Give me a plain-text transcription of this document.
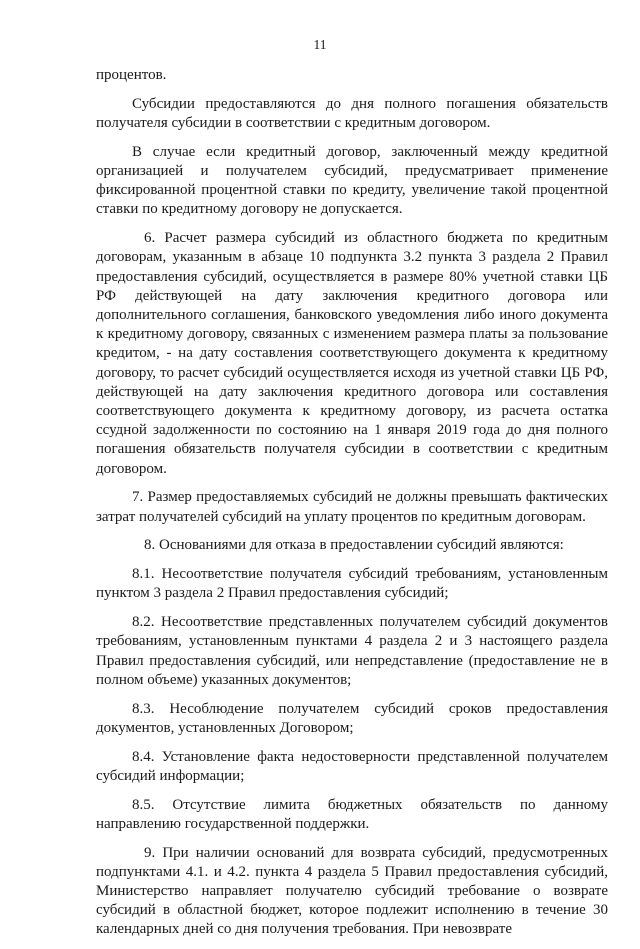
11

процентов.

Субсидии предоставляются до дня полного погашения обязательств получателя субсидии в соответствии с кредитным договором.

В случае если кредитный договор, заключенный между кредитной организацией и получателем субсидий, предусматривает применение фиксированной процентной ставки по кредиту, увеличение такой процентной ставки по кредитному договору не допускается.

6. Расчет размера субсидий из областного бюджета по кредитным договорам, указанным в абзаце 10 подпункта 3.2 пункта 3 раздела 2 Правил предоставления субсидий, осуществляется в размере 80% учетной ставки ЦБ РФ действующей на дату заключения кредитного договора или дополнительного соглашения, банковского уведомления либо иного документа к кредитному договору, связанных с изменением размера платы за пользование кредитом, - на дату составления соответствующего документа к кредитному договору, то расчет субсидий осуществляется исходя из учетной ставки ЦБ РФ, действующей на дату заключения кредитного договора или составления соответствующего документа к кредитному договору, из расчета остатка ссудной задолженности по состоянию на 1 января 2019 года до дня полного погашения обязательств получателя субсидии в соответствии с кредитным договором.

7. Размер предоставляемых субсидий не должны превышать фактических затрат получателей субсидий на уплату процентов по кредитным договорам.

8. Основаниями для отказа в предоставлении субсидий являются:

8.1. Несоответствие получателя субсидий требованиям, установленным пунктом 3 раздела 2 Правил предоставления субсидий;

8.2. Несоответствие представленных получателем субсидий документов требованиям, установленным пунктами 4 раздела 2 и 3 настоящего раздела Правил предоставления субсидий, или непредставление (предоставление не в полном объеме) указанных документов;

8.3. Несоблюдение получателем субсидий сроков предоставления документов, установленных Договором;

8.4. Установление факта недостоверности представленной получателем субсидий информации;

8.5. Отсутствие лимита бюджетных обязательств по данному направлению государственной поддержки.

9. При наличии оснований для возврата субсидий, предусмотренных подпунктами 4.1. и 4.2. пункта 4 раздела 5 Правил предоставления субсидий, Министерство направляет получателю субсидий требование о возврате субсидий в областной бюджет, которое подлежит исполнению в течение 30 календарных дней со дня получения требования. При невозврате
